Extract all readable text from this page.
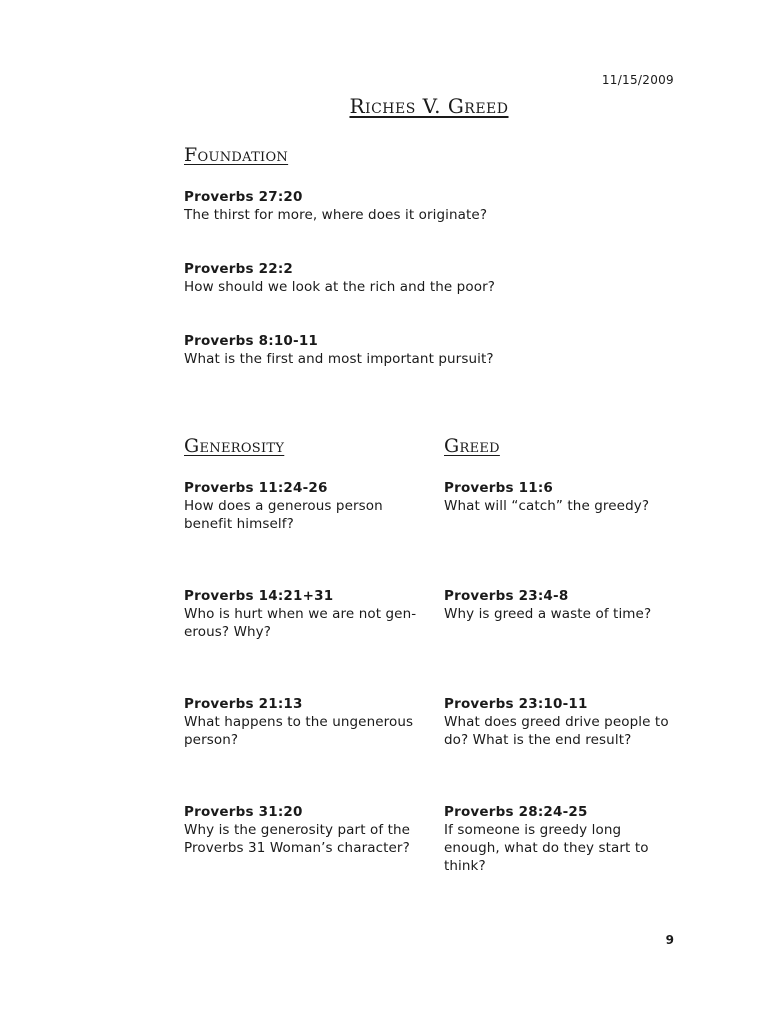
11/15/2009
Riches V. Greed
Foundation
Proverbs 27:20
The thirst for more, where does it originate?
Proverbs 22:2
How should we look at the rich and the poor?
Proverbs 8:10-11
What is the first and most important pursuit?
Generosity
Proverbs 11:24-26
How does a generous person
benefit himself?
Proverbs 14:21+31
Who is hurt when we are not gen-
erous? Why?
Proverbs 21:13
What happens to the ungenerous
person?
Proverbs 31:20
Why is the generosity part of the
Proverbs 31 Woman’s character?
Greed
Proverbs 11:6
What will “catch” the greedy?
Proverbs 23:4-8
Why is greed a waste of time?
Proverbs 23:10-11
What does greed drive people to
do? What is the end result?
Proverbs 28:24-25
If someone is greedy long
enough, what do they start to
think?
9
